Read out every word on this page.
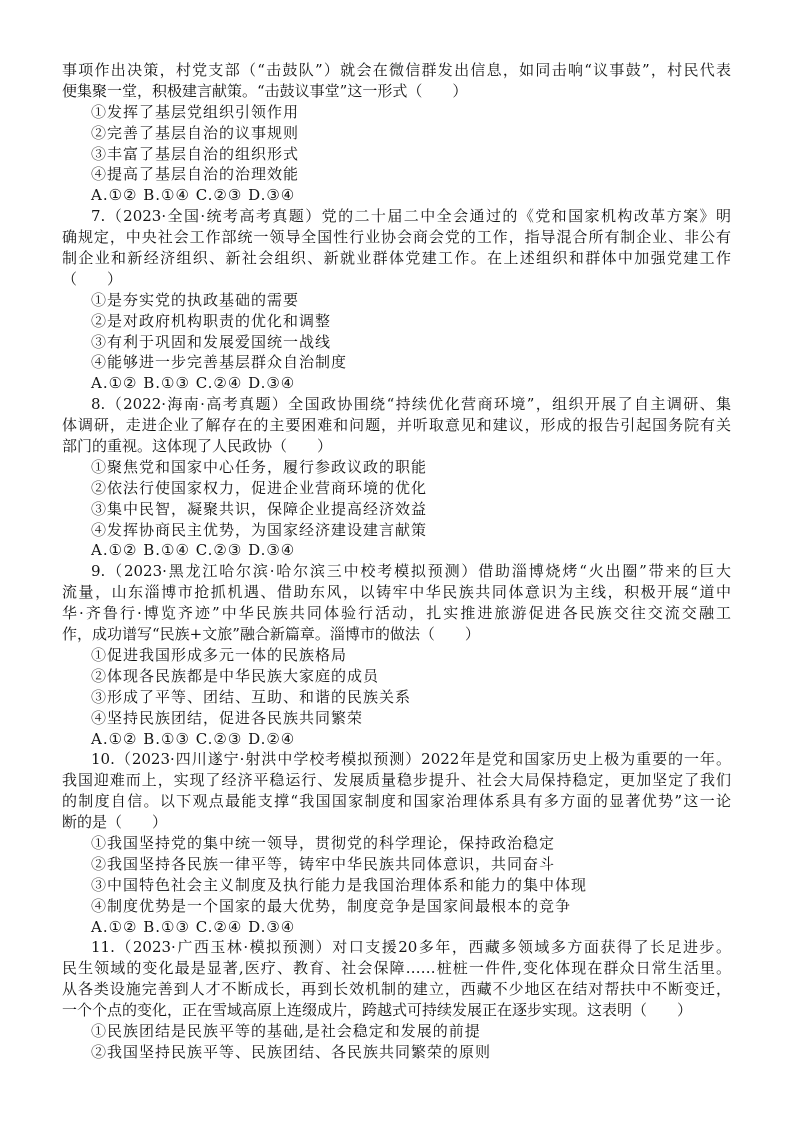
事项作出决策，村党支部（“击鼓队”）就会在微信群发出信息，如同击响“议事鼓”，村民代表
便集聚一堂，积极建言献策。“击鼓议事堂”这一形式（　　）
①发挥了基层党组织引领作用
②完善了基层自治的议事规则
③丰富了基层自治的组织形式
④提高了基层自治的治理效能
A.①② B.①④ C.②③ D.③④
7.（2023·全国·统考高考真题）党的二十届二中全会通过的《党和国家机构改革方案》明
确规定，中央社会工作部统一领导全国性行业协会商会党的工作，指导混合所有制企业、非公有
制企业和新经济组织、新社会组织、新就业群体党建工作。在上述组织和群体中加强党建工作
（　　）
①是夯实党的执政基础的需要
②是对政府机构职责的优化和调整
③有利于巩固和发展爱国统一战线
④能够进一步完善基层群众自治制度
A.①② B.①③ C.②④ D.③④
8.（2022·海南·高考真题）全国政协围绕“持续优化营商环境”，组织开展了自主调研、集
体调研，走进企业了解存在的主要困难和问题，并听取意见和建议，形成的报告引起国务院有关
部门的重视。这体现了人民政协（　　）
①聚焦党和国家中心任务，履行参政议政的职能
②依法行使国家权力，促进企业营商环境的优化
③集中民智，凝聚共识，保障企业提高经济效益
④发挥协商民主优势，为国家经济建设建言献策
A.①② B.①④ C.②③ D.③④
9.（2023·黑龙江哈尔滨·哈尔滨三中校考模拟预测）借助淄博烧烤“火出圈”带来的巨大
流量，山东淄博市抢抓机遇、借助东风，以铸牢中华民族共同体意识为主线，积极开展“道中
华·齐鲁行·博览齐迹”中华民族共同体验行活动，扎实推进旅游促进各民族交往交流交融工
作，成功谱写“民族+文旅”融合新篇章。淄博市的做法（　　）
①促进我国形成多元一体的民族格局
②体现各民族都是中华民族大家庭的成员
③形成了平等、团结、互助、和谐的民族关系
④坚持民族团结，促进各民族共同繁荣
A.①② B.①③ C.②③ D.②④
10.（2023·四川遂宁·射洪中学校考模拟预测）2022年是党和国家历史上极为重要的一年。
我国迎难而上，实现了经济平稳运行、发展质量稳步提升、社会大局保持稳定，更加坚定了我们
的制度自信。以下观点最能支撑“我国国家制度和国家治理体系具有多方面的显著优势”这一论
断的是（　　）
①我国坚持党的集中统一领导，贯彻党的科学理论，保持政治稳定
②我国坚持各民族一律平等，铸牢中华民族共同体意识，共同奋斗
③中国特色社会主义制度及执行能力是我国治理体系和能力的集中体现
④制度优势是一个国家的最大优势，制度竞争是国家间最根本的竞争
A.①② B.①③ C.②④ D.③④
11.（2023·广西玉林·模拟预测）对口支援20多年，西藏多领域多方面获得了长足进步。
民生领域的变化最是显著,医疗、教育、社会保障……桩桩一件件,变化体现在群众日常生活里。
从各类设施完善到人才不断成长，再到长效机制的建立，西藏不少地区在结对帮扶中不断变迁，
一个个点的变化，正在雪域高原上连缀成片，跨越式可持续发展正在逐步实现。这表明（　　）
①民族团结是民族平等的基础,是社会稳定和发展的前提
②我国坚持民族平等、民族团结、各民族共同繁荣的原则
